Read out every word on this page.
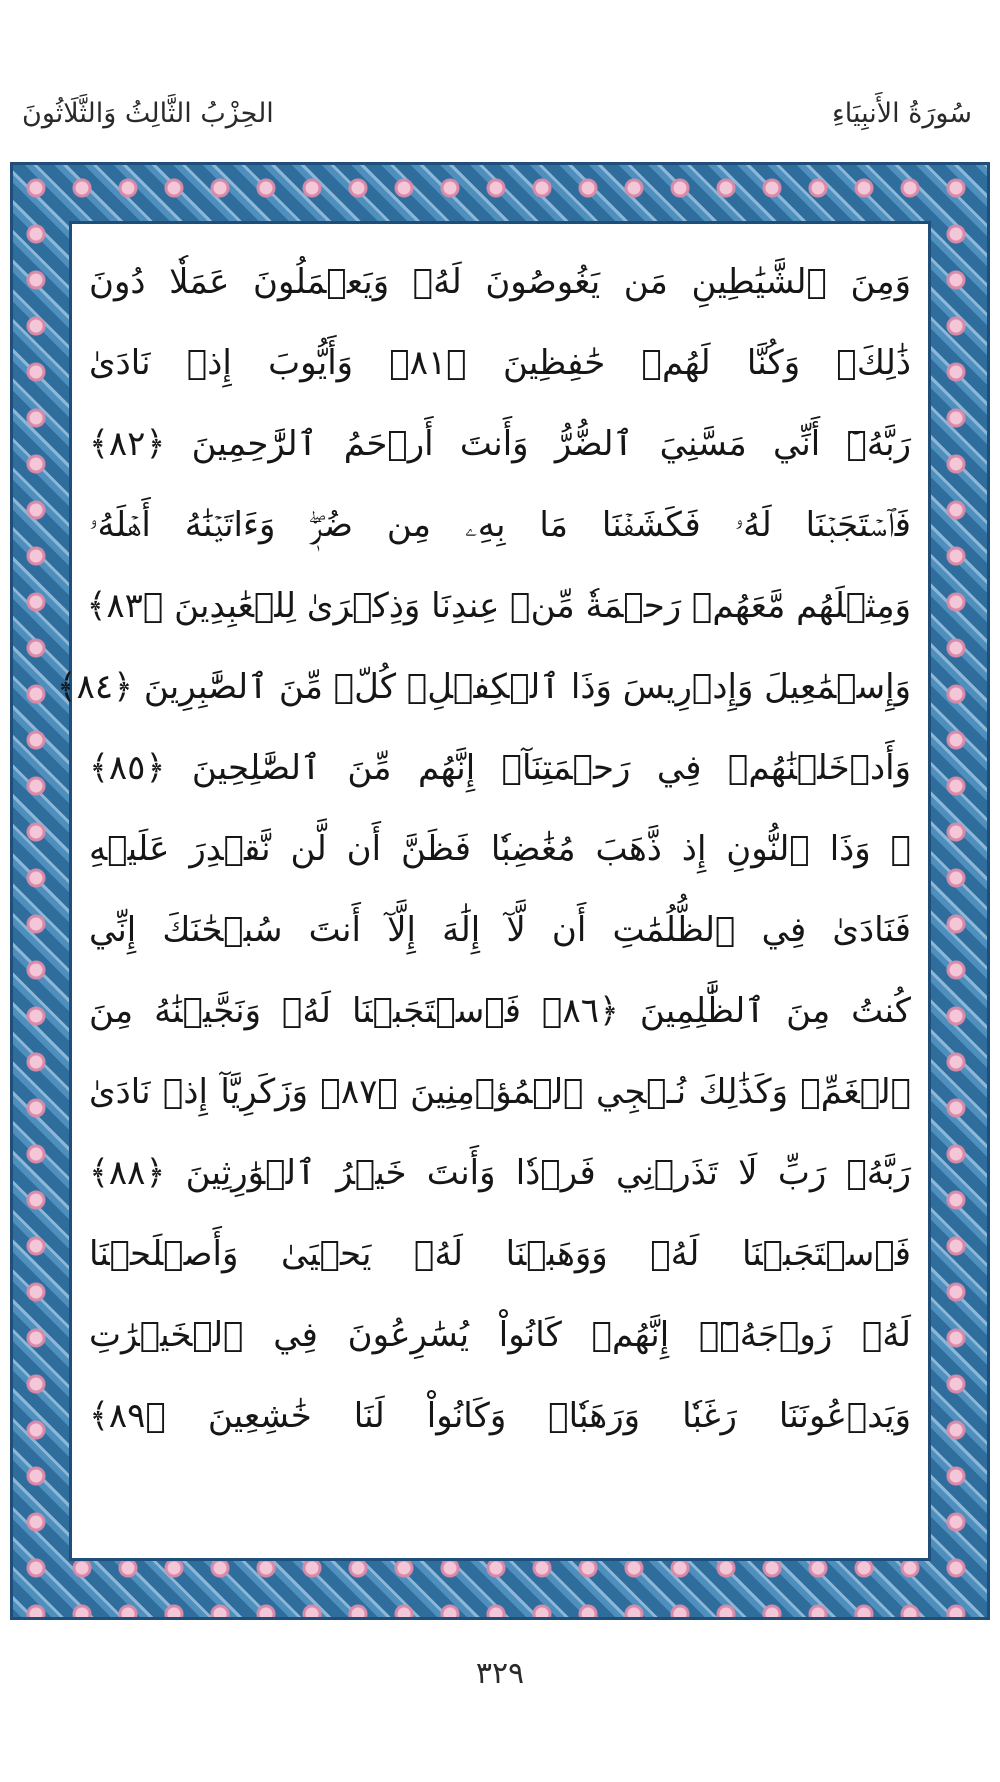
سُورَةُ الأَنبِيَاءِ
الحِزْبُ الثَّالِثُ وَالثَّلَاثُونَ
وَمِنَ ٱلشَّيَٰطِينِ مَن يَغُوصُونَ لَهُۥ وَيَعۡمَلُونَ عَمَلٗا دُونَ
ذَٰلِكَۖ وَكُنَّا لَهُمۡ حَٰفِظِينَ ﴿٨١﴾ وَأَيُّوبَ إِذۡ نَادَىٰ
رَبَّهُۥٓ أَنِّي مَسَّنِيَ ٱلضُّرُّ وَأَنتَ أَرۡحَمُ ٱلرَّٰحِمِينَ ﴿٨٢﴾
فَٱسۡتَجَبۡنَا لَهُۥ فَكَشَفۡنَا مَا بِهِۦ مِن ضُرّٖۖ وَءَاتَيۡنَٰهُ أَهۡلَهُۥ
وَمِثۡلَهُم مَّعَهُمۡ رَحۡمَةٗ مِّنۡ عِندِنَا وَذِكۡرَىٰ لِلۡعَٰبِدِينَ ﴿٨٣﴾
وَإِسۡمَٰعِيلَ وَإِدۡرِيسَ وَذَا ٱلۡكِفۡلِۖ كُلّٞ مِّنَ ٱلصَّٰبِرِينَ ﴿٨٤﴾
وَأَدۡخَلۡنَٰهُمۡ فِي رَحۡمَتِنَآۖ إِنَّهُم مِّنَ ٱلصَّٰلِحِينَ ﴿٨٥﴾
۞ وَذَا ٱلنُّونِ إِذ ذَّهَبَ مُغَٰضِبٗا فَظَنَّ أَن لَّن نَّقۡدِرَ عَلَيۡهِ
فَنَادَىٰ فِي ٱلظُّلُمَٰتِ أَن لَّآ إِلَٰهَ إِلَّآ أَنتَ سُبۡحَٰنَكَ إِنِّي
كُنتُ مِنَ ٱلظَّٰلِمِينَ ﴿٨٦﴾ فَٱسۡتَجَبۡنَا لَهُۥ وَنَجَّيۡنَٰهُ مِنَ
ٱلۡغَمِّۚ وَكَذَٰلِكَ نُـۨجِي ٱلۡمُؤۡمِنِينَ ﴿٨٧﴾ وَزَكَرِيَّآ إِذۡ نَادَىٰ
رَبَّهُۥ رَبِّ لَا تَذَرۡنِي فَرۡدٗا وَأَنتَ خَيۡرُ ٱلۡوَٰرِثِينَ ﴿٨٨﴾
فَٱسۡتَجَبۡنَا لَهُۥ وَوَهَبۡنَا لَهُۥ يَحۡيَىٰ وَأَصۡلَحۡنَا
لَهُۥ زَوۡجَهُۥٓۚ إِنَّهُمۡ كَانُواْ يُسَٰرِعُونَ فِي ٱلۡخَيۡرَٰتِ
وَيَدۡعُونَنَا رَغَبٗا وَرَهَبٗاۖ وَكَانُواْ لَنَا خَٰشِعِينَ ﴿٨٩﴾
٣٢٩
